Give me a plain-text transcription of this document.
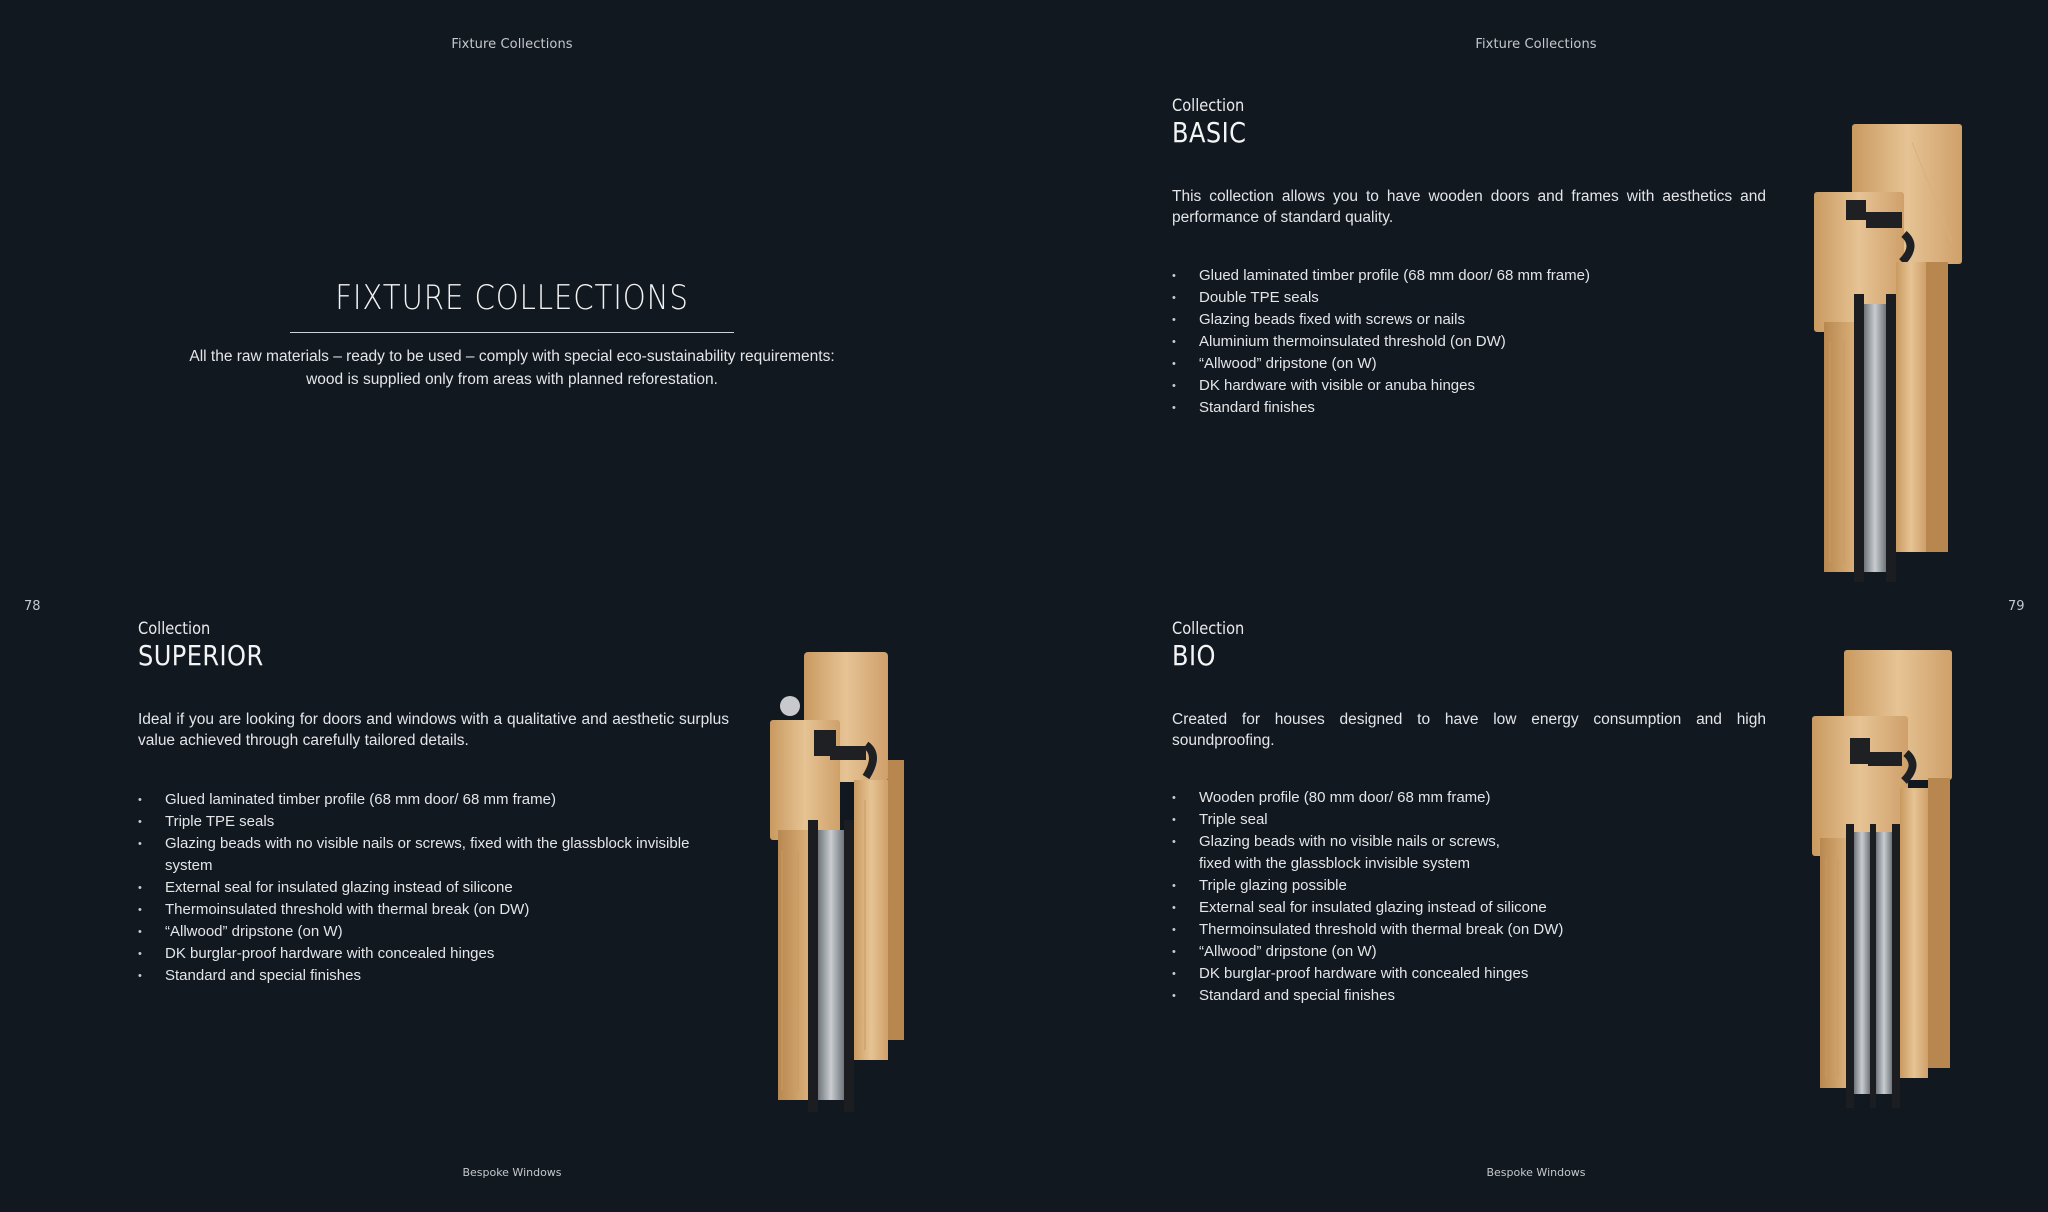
Fixture Collections
FIXTURE COLLECTIONS
All the raw materials – ready to be used – comply with special eco-sustainability requirements:
wood is supplied only from areas with planned reforestation.
78
Collection
SUPERIOR
Ideal if you are looking for doors and windows with a qualitative and aesthetic surplus value achieved through carefully tailored details.
• Glued laminated timber profile (68 mm door/ 68 mm frame)
• Triple TPE seals
• Glazing beads with no visible nails or screws, fixed with the glassblock invisible system
• External seal for insulated glazing instead of silicone
• Thermoinsulated threshold with thermal break (on DW)
• “Allwood” dripstone (on W)
• DK burglar-proof hardware with concealed hinges
• Standard and special finishes
Bespoke Windows
Fixture Collections
79
Collection
BASIC
This collection allows you to have wooden doors and frames with aesthetics and performance of standard quality.
• Glued laminated timber profile (68 mm door/ 68 mm frame)
• Double TPE seals
• Glazing beads fixed with screws or nails
• Aluminium thermoinsulated threshold (on DW)
• “Allwood” dripstone (on W)
• DK hardware with visible or anuba hinges
• Standard finishes
Collection
BIO
Created for houses designed to have low energy consumption and high soundproofing.
• Wooden profile (80 mm door/ 68 mm frame)
• Triple seal
• Glazing beads with no visible nails or screws,
fixed with the glassblock invisible system
• Triple glazing possible
• External seal for insulated glazing instead of silicone
• Thermoinsulated threshold with thermal break (on DW)
• “Allwood” dripstone (on W)
• DK burglar-proof hardware with concealed hinges
• Standard and special finishes
Bespoke Windows
